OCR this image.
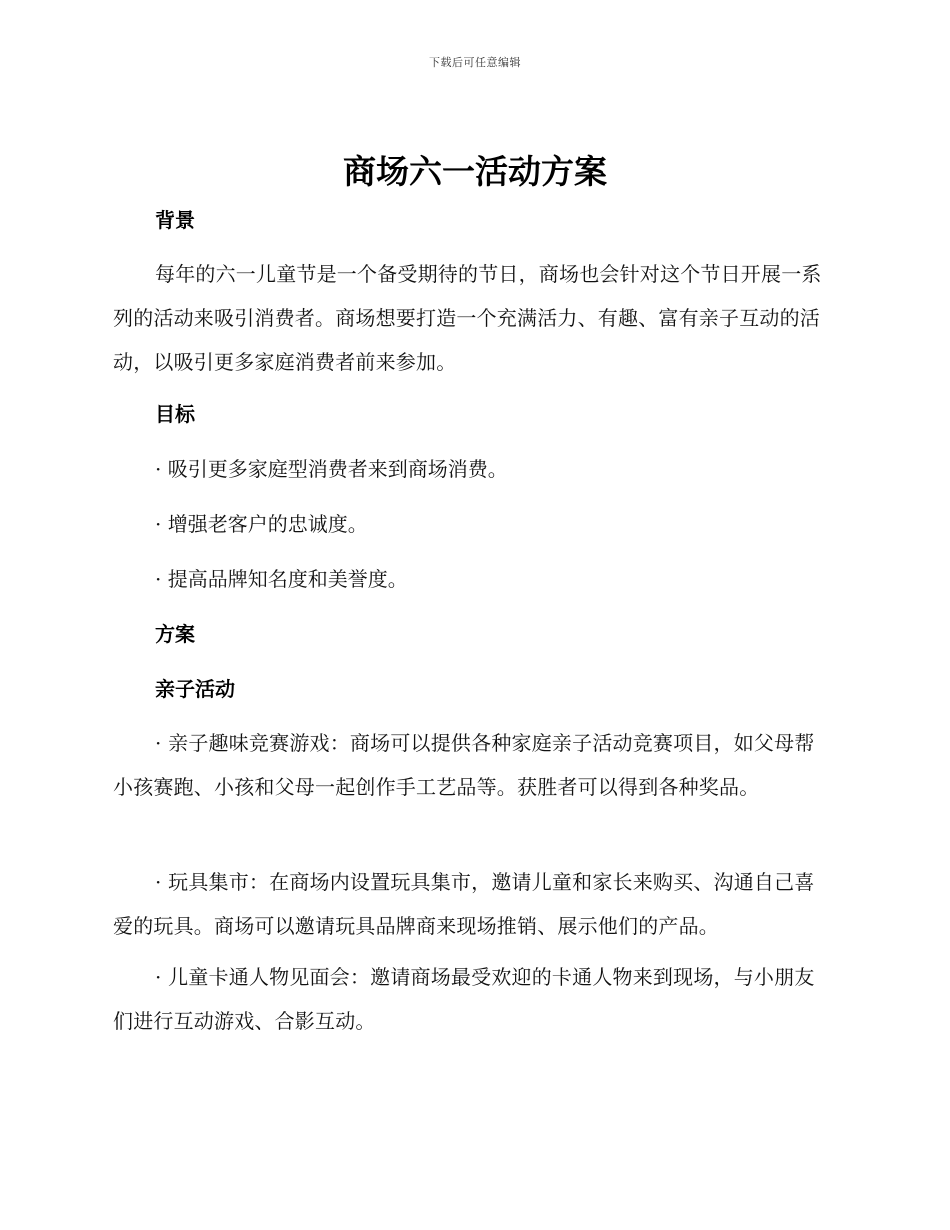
下载后可任意编辑
商场六一活动方案
背景
每年的六一儿童节是一个备受期待的节日，商场也会针对这个节日开展一系列的活动来吸引消费者。商场想要打造一个充满活力、有趣、富有亲子互动的活动，以吸引更多家庭消费者前来参加。
目标
· 吸引更多家庭型消费者来到商场消费。
· 增强老客户的忠诚度。
· 提高品牌知名度和美誉度。
方案
亲子活动
· 亲子趣味竞赛游戏：商场可以提供各种家庭亲子活动竞赛项目，如父母帮小孩赛跑、小孩和父母一起创作手工艺品等。获胜者可以得到各种奖品。
· 玩具集市：在商场内设置玩具集市，邀请儿童和家长来购买、沟通自己喜爱的玩具。商场可以邀请玩具品牌商来现场推销、展示他们的产品。
· 儿童卡通人物见面会：邀请商场最受欢迎的卡通人物来到现场，与小朋友们进行互动游戏、合影互动。
